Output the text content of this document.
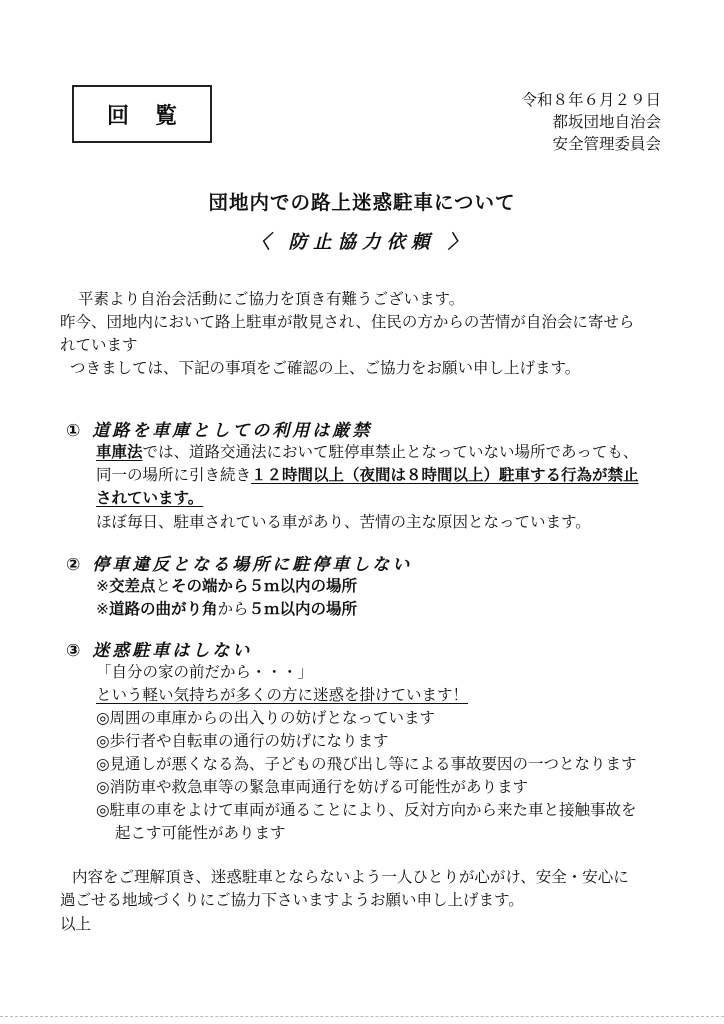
回覧
令和８年６月２９日
都坂団地自治会
安全管理委員会
団地内での路上迷惑駐車について
〈 防止協力依頼 〉
平素より自治会活動にご協力を頂き有難うございます。
昨今、団地内において路上駐車が散見され、住民の方からの苦情が自治会に寄せら
れています
つきましては、下記の事項をご確認の上、ご協力をお願い申し上げます。
① 道路を車庫としての利用は厳禁
車庫法では、道路交通法において駐停車禁止となっていない場所であっても、
同一の場所に引き続き１２時間以上（夜間は８時間以上）駐車する行為が禁止
されています。
ほぼ毎日、駐車されている車があり、苦情の主な原因となっています。
② 停車違反となる場所に駐停車しない
※交差点とその端から５ｍ以内の場所
※道路の曲がり角から５ｍ以内の場所
③ 迷惑駐車はしない
「自分の家の前だから・・・」
という軽い気持ちが多くの方に迷惑を掛けています！
◎周囲の車庫からの出入りの妨げとなっています
◎歩行者や自転車の通行の妨げになります
◎見通しが悪くなる為、子どもの飛び出し等による事故要因の一つとなります
◎消防車や救急車等の緊急車両通行を妨げる可能性があります
◎駐車の車をよけて車両が通ることにより、反対方向から来た車と接触事故を
起こす可能性があります
内容をご理解頂き、迷惑駐車とならないよう一人ひとりが心がけ、安全・安心に
過ごせる地域づくりにご協力下さいますようお願い申し上げます。
以上
